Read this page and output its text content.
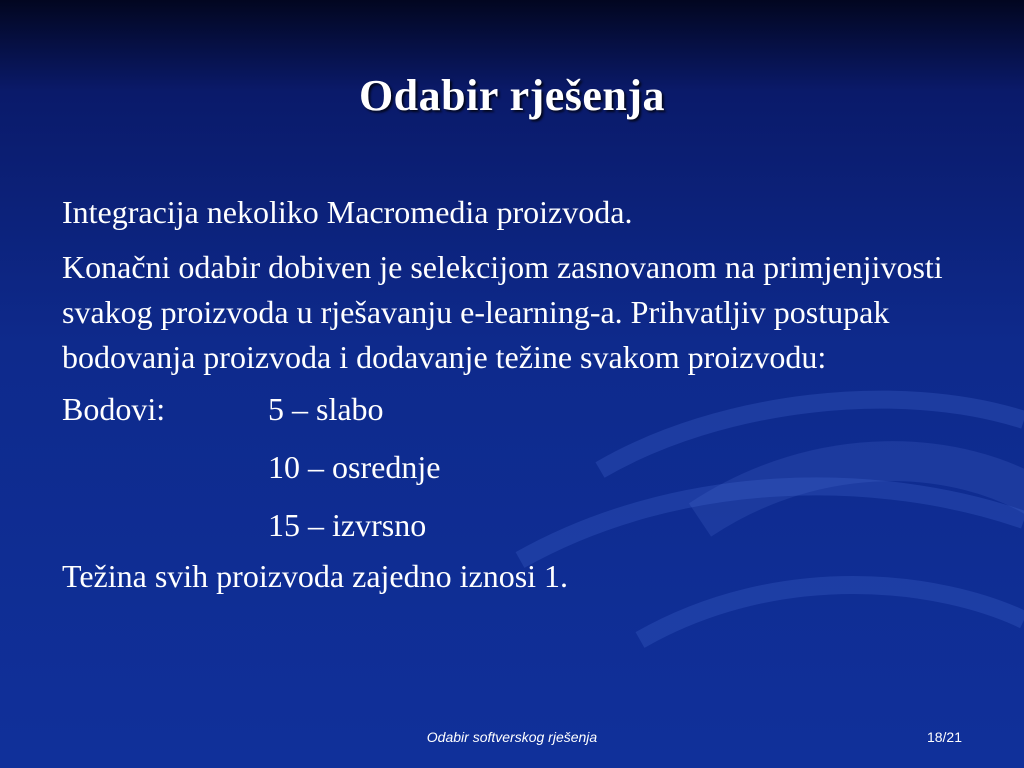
Odabir rješenja

Integracija nekoliko Macromedia proizvoda.

Konačni odabir dobiven je selekcijom zasnovanom na primjenjivosti svakog proizvoda u rješavanju e-learning-a. Prihvatljiv postupak bodovanja proizvoda i dodavanje težine svakom proizvodu:

Bodovi:	5 – slabo
10 – osrednje
15 – izvrsno

Težina svih proizvoda zajedno iznosi 1.

Odabir softverskog rješenja	18/21
